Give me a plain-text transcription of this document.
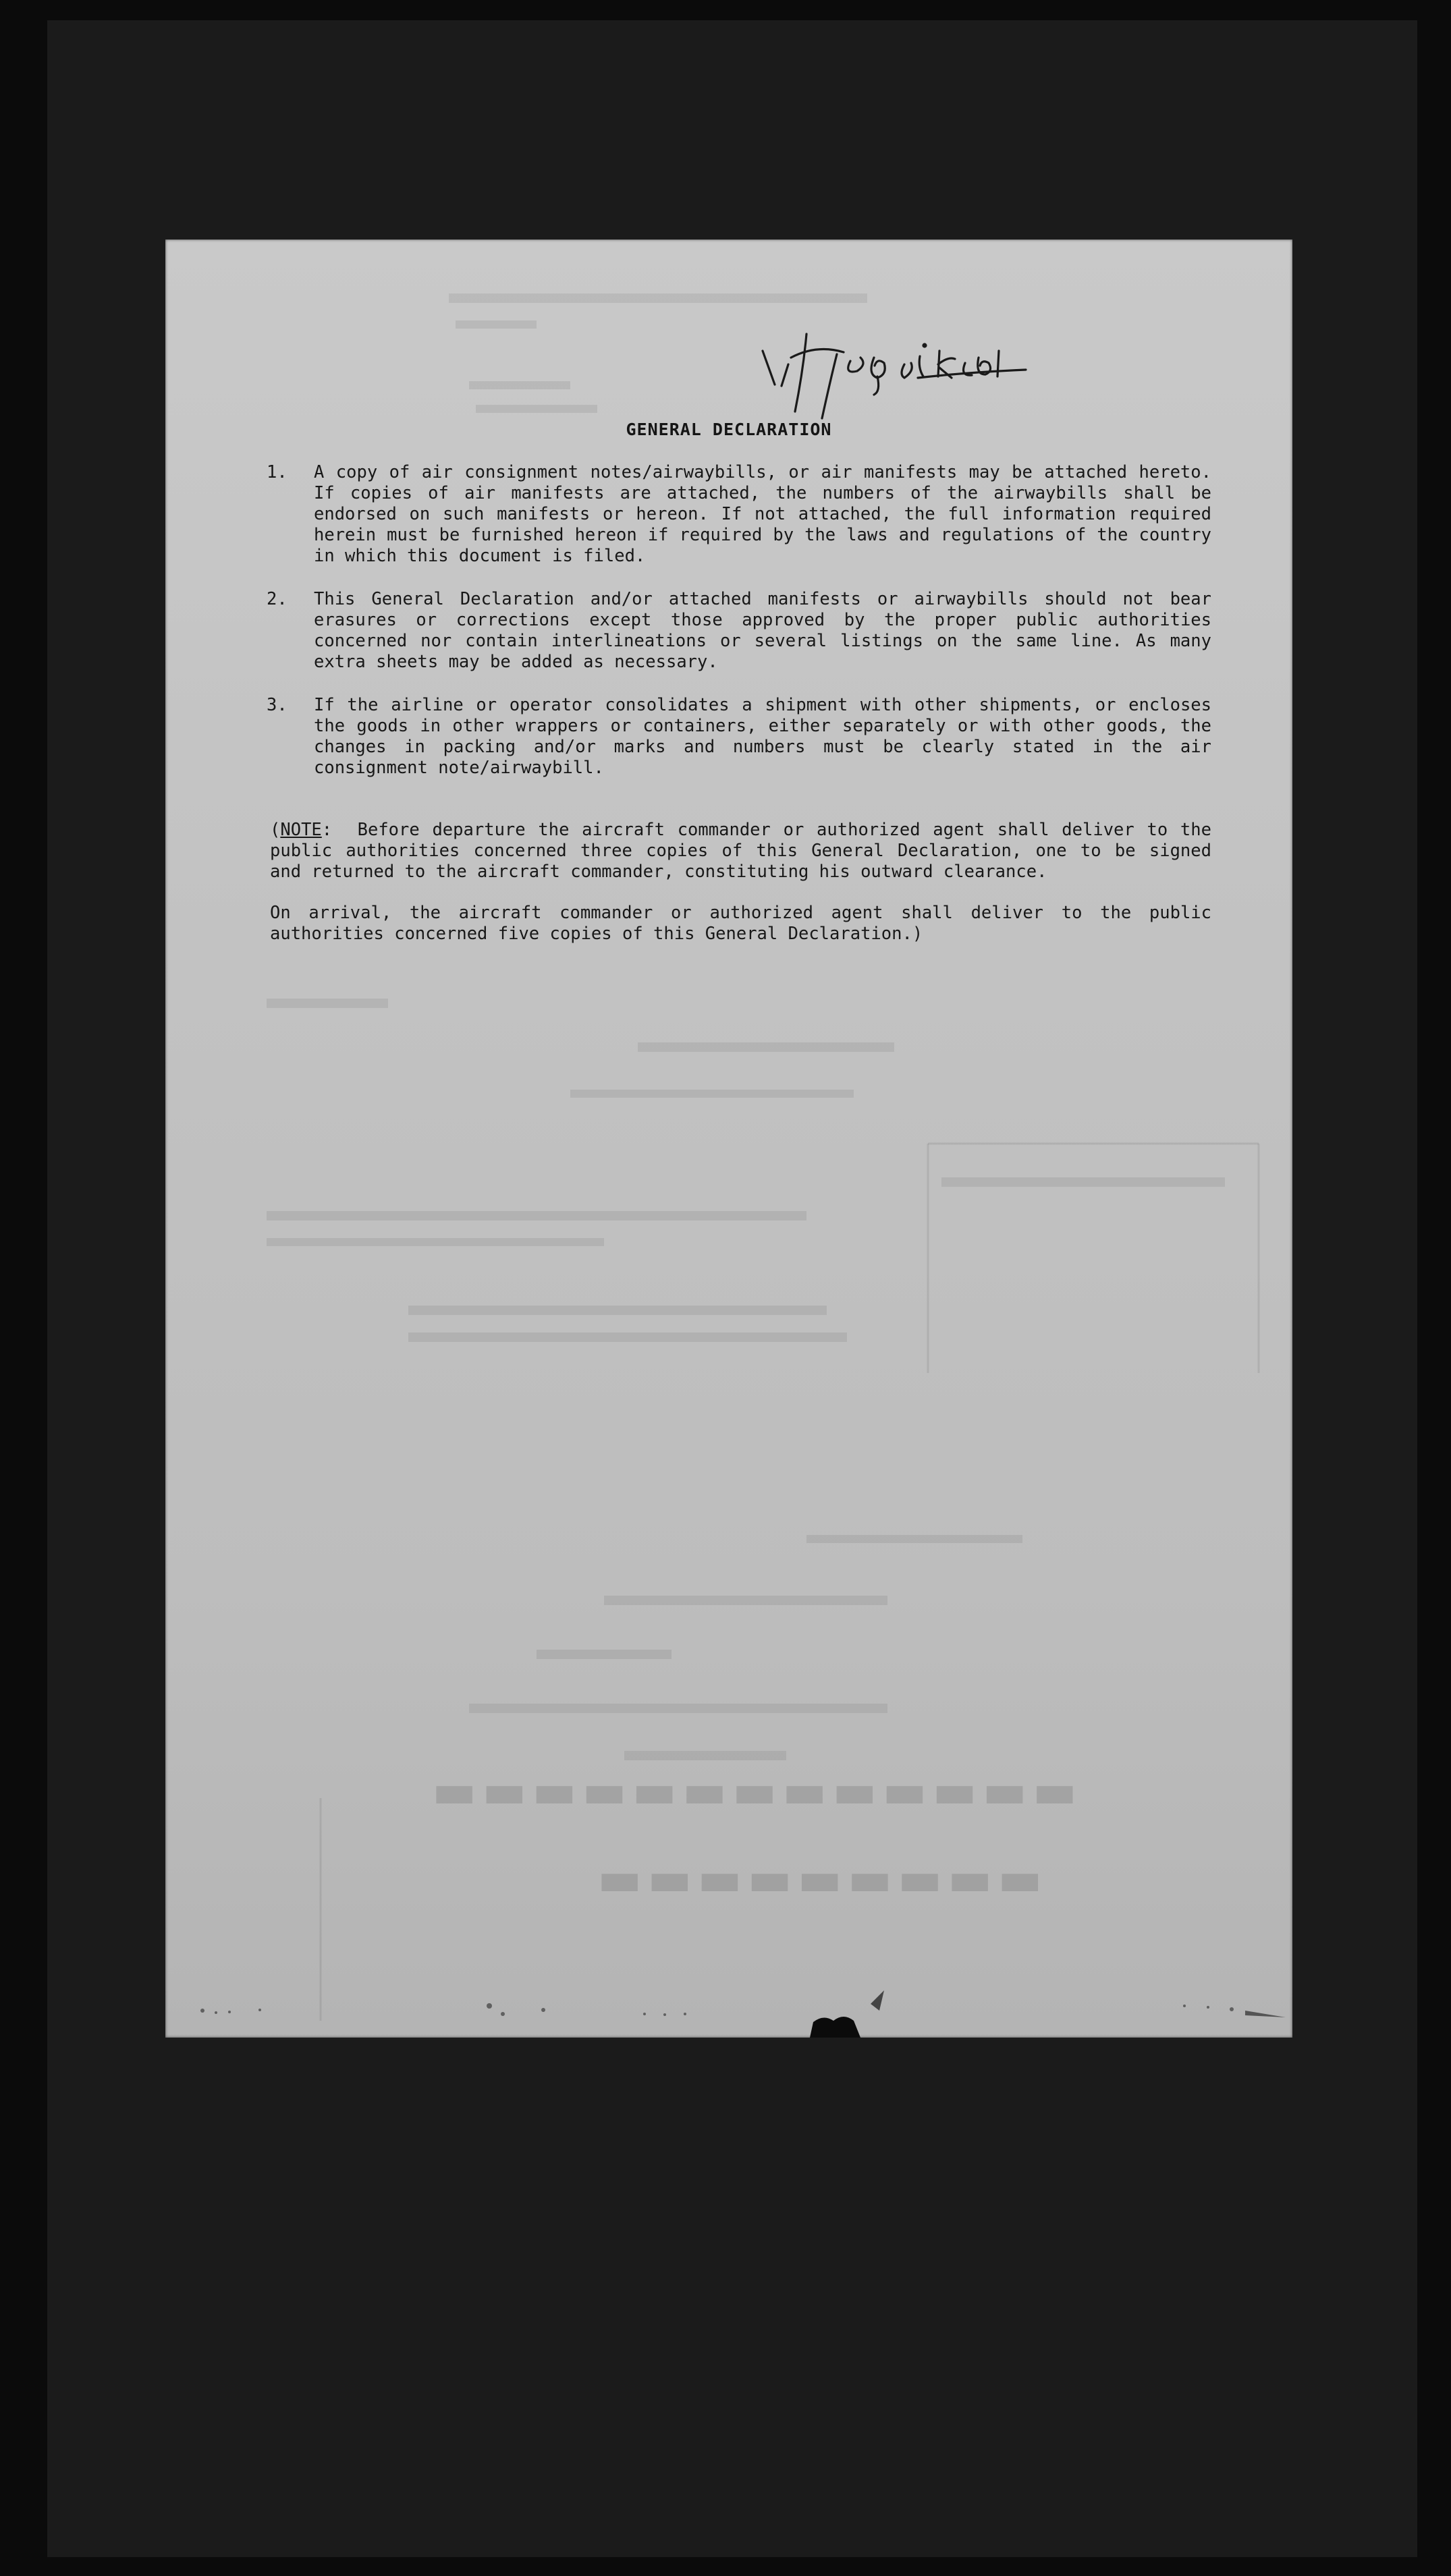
▬▬▬▬▬▬▬▬▬▬▬▬▬
▬▬▬▬▬▬▬▬▬
GENERAL DECLARATION
1. A copy of air consignment notes/airwaybills, or air manifests may be attached hereto. If copies of air manifests are attached, the numbers of the airwaybills shall be endorsed on such manifests or hereon. If not attached, the full information required herein must be furnished hereon if required by the laws and regulations of the country in which this document is filed.
2. This General Declaration and/or attached manifests or airwaybills should not bear erasures or corrections except those approved by the proper public authorities concerned nor contain interlineations or several listings on the same line. As many extra sheets may be added as necessary.
3. If the airline or operator consolidates a shipment with other shipments, or encloses the goods in other wrappers or containers, either separately or with other goods, the changes in packing and/or marks and numbers must be clearly stated in the air consignment note/airwaybill.

(NOTE: Before departure the aircraft commander or authorized agent shall deliver to the public authorities concerned three copies of this General Declaration, one to be signed and returned to the aircraft commander, constituting his outward clearance.

On arrival, the aircraft commander or authorized agent shall deliver to the public authorities concerned five copies of this General Declaration.)
